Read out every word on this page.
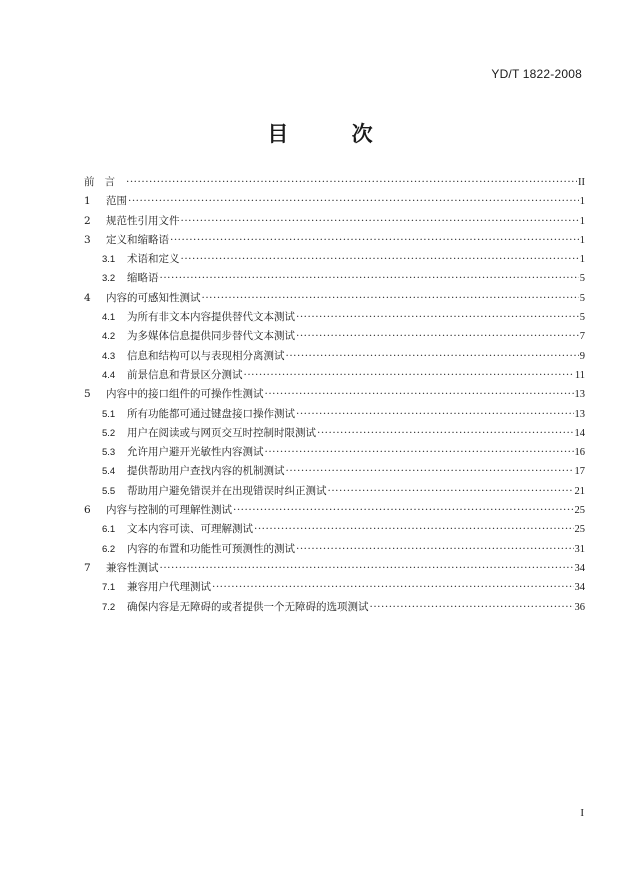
YD/T 1822-2008
目 次
前言 ·····	II
1	范围 ·····	1
2	规范性引用文件 ·····	1
3	定义和缩略语 ·····	1
3.1	术语和定义 ·····	1
3.2	缩略语 ·····	5
4	内容的可感知性测试 ·····	5
4.1	为所有非文本内容提供替代文本测试 ·····	5
4.2	为多媒体信息提供同步替代文本测试 ·····	7
4.3	信息和结构可以与表现相分离测试 ·····	9
4.4	前景信息和背景区分测试 ·····	11
5	内容中的接口组件的可操作性测试 ·····	13
5.1	所有功能都可通过键盘接口操作测试 ·····	13
5.2	用户在阅读或与网页交互时控制时限测试 ·····	14
5.3	允许用户避开光敏性内容测试 ·····	16
5.4	提供帮助用户查找内容的机制测试 ·····	17
5.5	帮助用户避免错误并在出现错误时纠正测试 ·····	21
6	内容与控制的可理解性测试 ·····	25
6.1	文本内容可读、可理解测试 ·····	25
6.2	内容的布置和功能性可预测性的测试 ·····	31
7	兼容性测试 ·····	34
7.1	兼容用户代理测试 ·····	34
7.2	确保内容是无障碍的或者提供一个无障碍的选项测试 ·····	36
I
